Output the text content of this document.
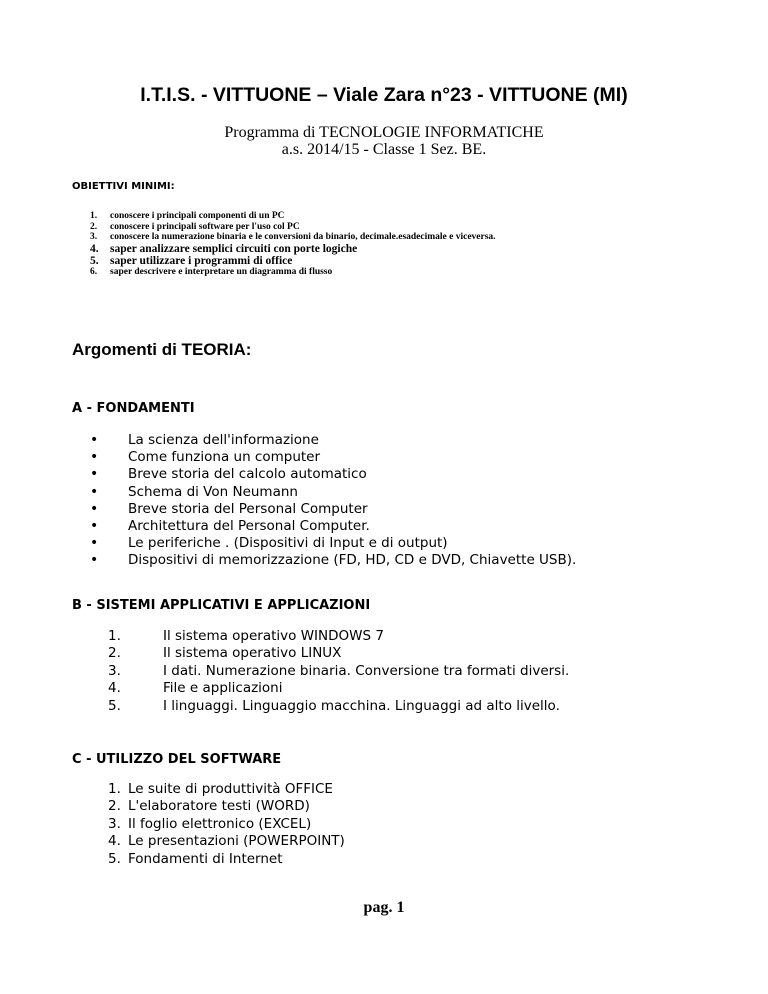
I.T.I.S. - VITTUONE – Viale Zara n°23 - VITTUONE (MI)
Programma di TECNOLOGIE INFORMATICHE
a.s. 2014/15 - Classe 1 Sez. BE.
OBIETTIVI MINIMI:
1.	conoscere i principali componenti di un PC
2.	conoscere i principali software per l'uso col PC
3.	conoscere la numerazione binaria e le conversioni da binario, decimale.esadecimale e viceversa.
4. saper analizzare semplici circuiti con porte logiche
5. saper utilizzare i programmi di office
6.	saper descrivere e interpretare un diagramma di flusso
Argomenti di TEORIA:
A - FONDAMENTI
•	La scienza dell'informazione
•	Come funziona un computer
•	Breve storia del calcolo automatico
•	Schema di Von Neumann
•	Breve storia del Personal Computer
•	Architettura del Personal Computer.
•	Le periferiche . (Dispositivi di Input e di output)
•	Dispositivi di memorizzazione (FD, HD, CD e DVD, Chiavette USB).
B - SISTEMI APPLICATIVI E APPLICAZIONI
1.	Il sistema operativo WINDOWS 7
2.	Il sistema operativo LINUX
3.	I dati. Numerazione binaria. Conversione tra formati diversi.
4.	File e applicazioni
5.	I linguaggi. Linguaggio macchina. Linguaggi ad alto livello.
C - UTILIZZO DEL SOFTWARE
1. Le suite di produttività OFFICE
2. L'elaboratore testi (WORD)
3. Il foglio elettronico (EXCEL)
4. Le presentazioni (POWERPOINT)
5. Fondamenti di Internet
pag. 1
